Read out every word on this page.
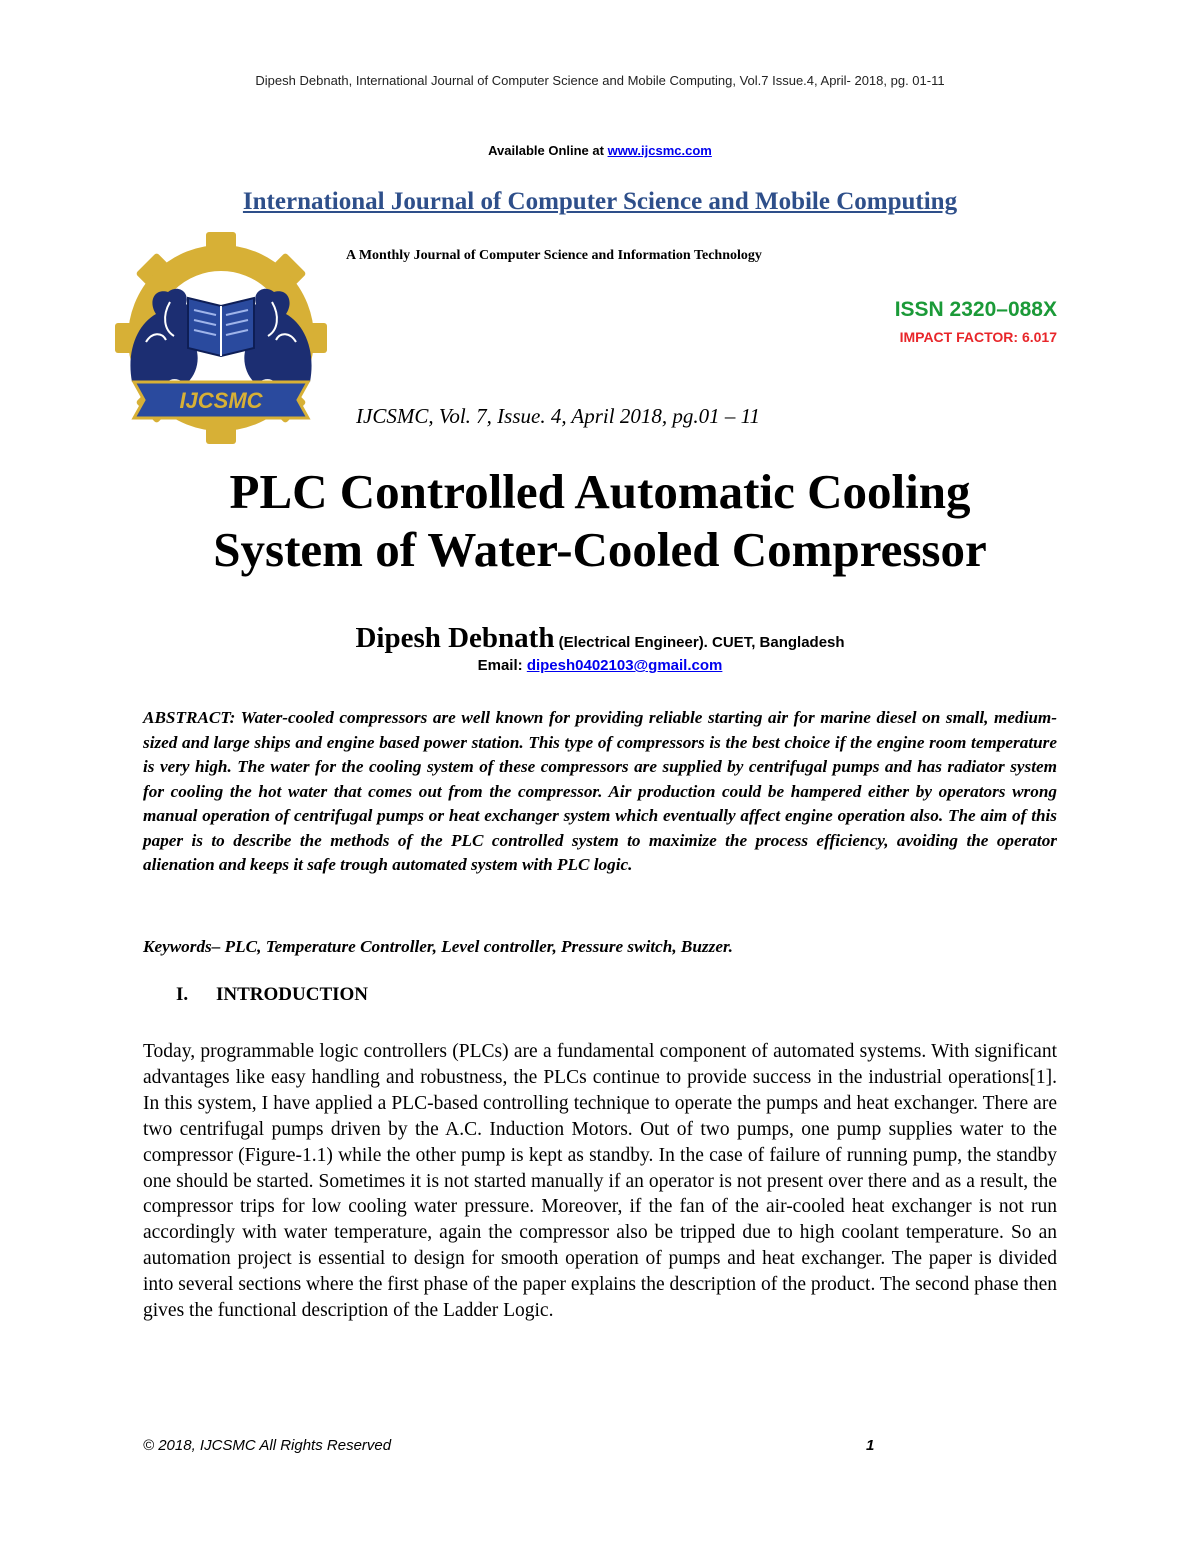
Dipesh Debnath, International Journal of Computer Science and Mobile Computing, Vol.7 Issue.4, April- 2018, pg. 01-11
Available Online at www.ijcsmc.com
International Journal of Computer Science and Mobile Computing
IJCSMC
A Monthly Journal of Computer Science and Information Technology
ISSN 2320–088X
IMPACT FACTOR: 6.017
IJCSMC, Vol. 7, Issue. 4, April 2018, pg.01 – 11
PLC Controlled Automatic Cooling
System of Water-Cooled Compressor
Dipesh Debnath (Electrical Engineer). CUET, Bangladesh
Email: dipesh0402103@gmail.com
ABSTRACT: Water-cooled compressors are well known for providing reliable starting air for marine diesel on small, medium-sized and large ships and engine based power station. This type of compressors is the best choice if the engine room temperature is very high. The water for the cooling system of these compressors are supplied by centrifugal pumps and has radiator system for cooling the hot water that comes out from the compressor. Air production could be hampered either by operators wrong manual operation of centrifugal pumps or heat exchanger system which eventually affect engine operation also. The aim of this paper is to describe the methods of the PLC controlled system to maximize the process efficiency, avoiding the operator alienation and keeps it safe trough automated system with PLC logic.
Keywords– PLC, Temperature Controller, Level controller, Pressure switch, Buzzer.
I. INTRODUCTION
Today, programmable logic controllers (PLCs) are a fundamental component of automated systems. With significant advantages like easy handling and robustness, the PLCs continue to provide success in the industrial operations[1]. In this system, I have applied a PLC-based controlling technique to operate the pumps and heat exchanger. There are two centrifugal pumps driven by the A.C. Induction Motors. Out of two pumps, one pump supplies water to the compressor (Figure-1.1) while the other pump is kept as standby. In the case of failure of running pump, the standby one should be started. Sometimes it is not started manually if an operator is not present over there and as a result, the compressor trips for low cooling water pressure. Moreover, if the fan of the air-cooled heat exchanger is not run accordingly with water temperature, again the compressor also be tripped due to high coolant temperature. So an automation project is essential to design for smooth operation of pumps and heat exchanger. The paper is divided into several sections where the first phase of the paper explains the description of the product. The second phase then gives the functional description of the Ladder Logic.
© 2018, IJCSMC All Rights Reserved	1
